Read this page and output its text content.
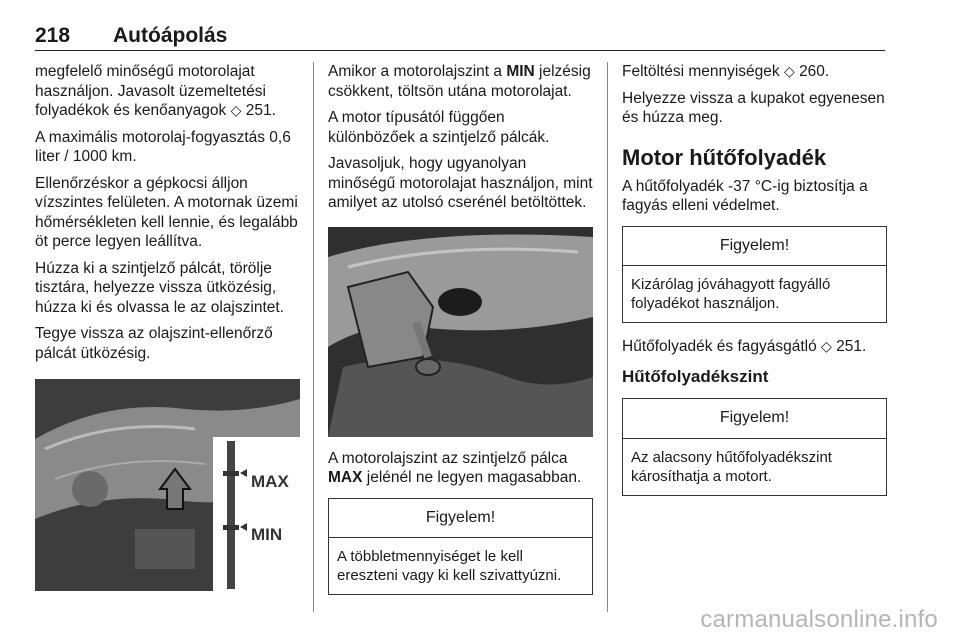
218 Autóápolás

megfelelő minőségű motorolajat használjon. Javasolt üzemeltetési folyadékok és kenőanyagok ◇ 251.

A maximális motorolaj-fogyasztás 0,6 liter / 1000 km.

Ellenőrzéskor a gépkocsi álljon vízszintes felületen. A motornak üzemi hőmérsékleten kell lennie, és legalább öt perce legyen leállítva.

Húzza ki a szintjelző pálcát, törölje tisztára, helyezze vissza ütközésig, húzza ki és olvassa le az olajszintet.

Tegye vissza az olajszint-ellenőrző pálcát ütközésig.

MAX
MIN

Amikor a motorolajszint a MIN jelzésig csökkent, töltsön utána motorolajat.

A motor típusától függően különbözőek a szintjelző pálcák.

Javasoljuk, hogy ugyanolyan minőségű motorolajat használjon, mint amilyet az utolsó cserénél betöltöttek.

A motorolajszint az szintjelző pálca MAX jelénél ne legyen magasabban.

Figyelem!
A többletmennyiséget le kell ereszteni vagy ki kell szivattyúzni.

Feltöltési mennyiségek ◇ 260.

Helyezze vissza a kupakot egyenesen és húzza meg.

Motor hűtőfolyadék

A hűtőfolyadék -37 °C-ig biztosítja a fagyás elleni védelmet.

Figyelem!
Kizárólag jóváhagyott fagyálló folyadékot használjon.

Hűtőfolyadék és fagyásgátló ◇ 251.

Hűtőfolyadékszint
Figyelem!
Az alacsony hűtőfolyadékszint károsíthatja a motort.
carmanualsonline.info
